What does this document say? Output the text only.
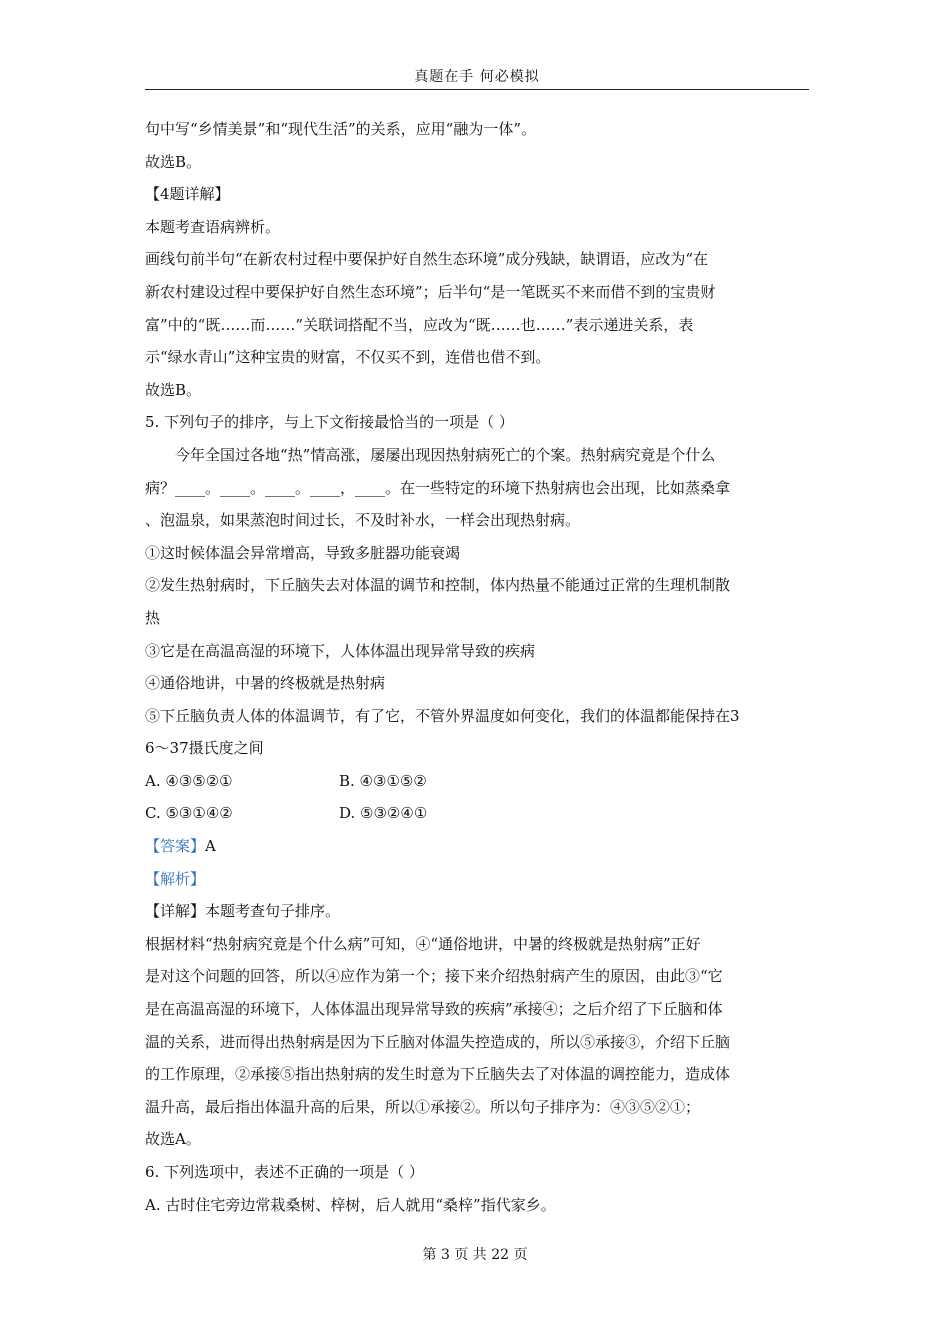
真题在手 何必模拟
句中写“乡情美景”和“现代生活”的关系，应用“融为一体”。
故选B。
【4题详解】
本题考查语病辨析。
画线句前半句“在新农村过程中要保护好自然生态环境”成分残缺，缺谓语，应改为“在
新农村建设过程中要保护好自然生态环境”；后半句“是一笔既买不来而借不到的宝贵财
富”中的“既……而……”关联词搭配不当，应改为“既……也……”表示递进关系，表
示“绿水青山”这种宝贵的财富，不仅买不到，连借也借不到。
故选B。
5. 下列句子的排序，与上下文衔接最恰当的一项是（ ）
今年全国过各地“热”情高涨，屡屡出现因热射病死亡的个案。热射病究竟是个什么
病？____。____。____。____，____。在一些特定的环境下热射病也会出现，比如蒸桑拿
、泡温泉，如果蒸泡时间过长，不及时补水，一样会出现热射病。
①这时候体温会异常增高，导致多脏器功能衰竭
②发生热射病时，下丘脑失去对体温的调节和控制，体内热量不能通过正常的生理机制散
热
③它是在高温高湿的环境下，人体体温出现异常导致的疾病
④通俗地讲，中暑的终极就是热射病
⑤下丘脑负责人体的体温调节，有了它，不管外界温度如何变化，我们的体温都能保持在3
6～37摄氏度之间
A. ④③⑤②①	B. ④③①⑤②
C. ⑤③①④②	D. ⑤③②④①
【答案】A
【解析】
【详解】本题考查句子排序。
根据材料“热射病究竟是个什么病”可知，④“通俗地讲，中暑的终极就是热射病”正好
是对这个问题的回答，所以④应作为第一个；接下来介绍热射病产生的原因，由此③“它
是在高温高湿的环境下，人体体温出现异常导致的疾病”承接④；之后介绍了下丘脑和体
温的关系，进而得出热射病是因为下丘脑对体温失控造成的，所以⑤承接③，介绍下丘脑
的工作原理，②承接⑤指出热射病的发生时意为下丘脑失去了对体温的调控能力，造成体
温升高，最后指出体温升高的后果，所以①承接②。所以句子排序为：④③⑤②①；
故选A。
6. 下列选项中，表述不正确的一项是（ ）
A. 古时住宅旁边常栽桑树、梓树，后人就用“桑梓”指代家乡。
第 3 页 共 22 页
